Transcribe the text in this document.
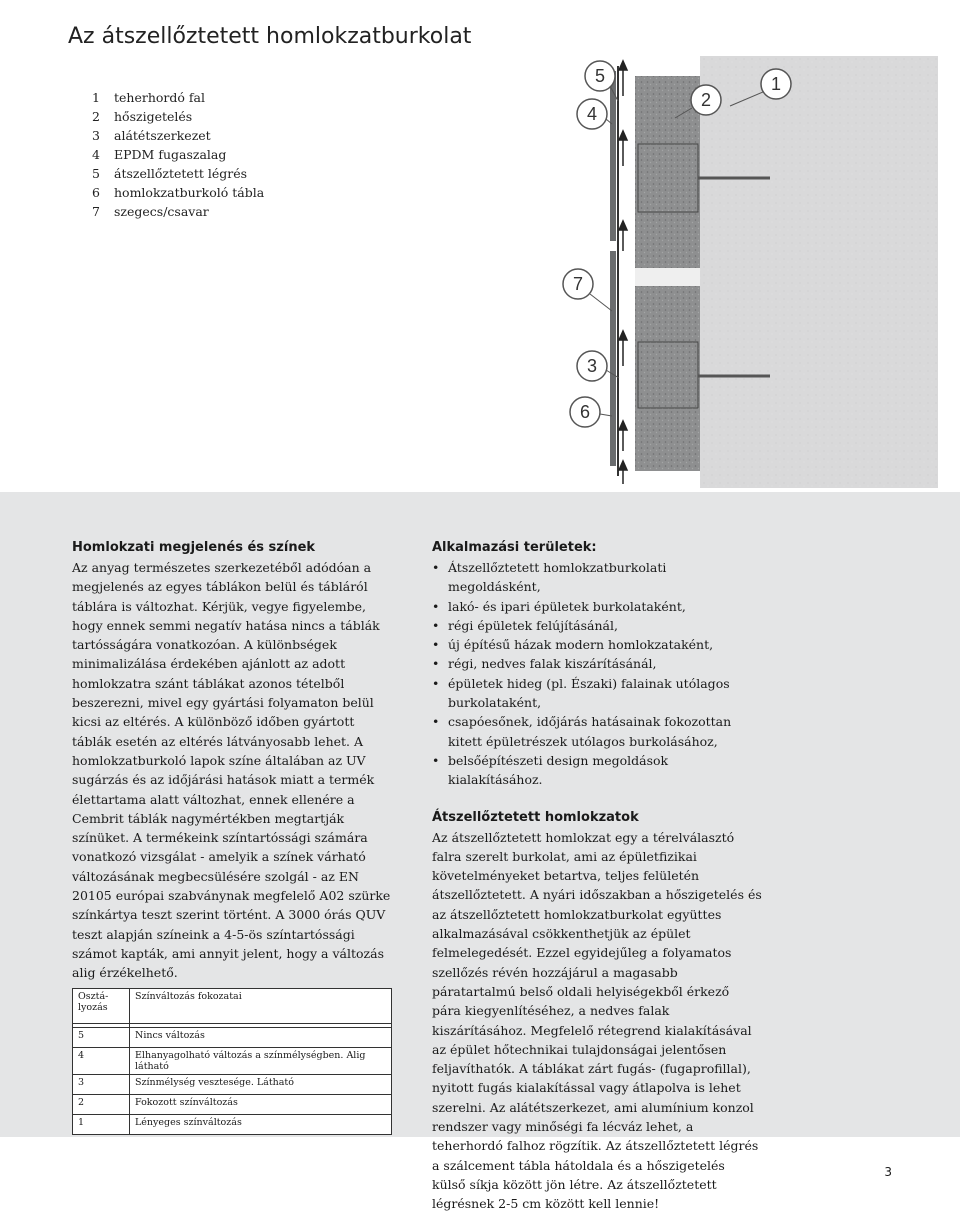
Az átszellőztetett homlokzatburkolat
1 teherhordó fal
2 hőszigetelés
3 alátétszerkezet
4 EPDM fugaszalag
5 átszellőztetett légrés
6 homlokzatburkoló tábla
7 szegecs/csavar
5
4
2
1
7
3
6
Homlokzati megjelenés és színek

Az anyag természetes szerkezetéből adódóan a megjelenés az egyes táblákon belül és tábláról táblára is változhat. Kérjük, vegye figyelembe, hogy ennek semmi negatív hatása nincs a táblák tartósságára vonatkozóan. A különbségek minimalizálása érdekében ajánlott az adott homlokzatra szánt táblákat azonos tételből beszerezni, mivel egy gyártási folyamaton belül kicsi az eltérés. A különböző időben gyártott táblák esetén az eltérés látványosabb lehet. A homlokzatburkoló lapok színe általában az UV sugárzás és az időjárási hatások miatt a termék élettartama alatt változhat, ennek ellenére a Cembrit táblák nagymértékben megtartják színüket. A termékeink színtartóssági számára vonatkozó vizsgálat - amelyik a színek várható változásának megbecsülésére szolgál - az EN 20105 európai szabványnak megfelelő A02 szürke színkártya teszt szerint történt. A 3000 órás QUV teszt alapján színeink a 4-5-ös színtartóssági számot kapták, ami annyit jelent, hogy a változás alig érzékelhető.

Osztá-lyozás	Színváltozás fokozatai

5	Nincs változás
4	Elhanyagolható változás a színmélységben. Alig látható
3	Színmélység vesztesége. Látható
2	Fokozott színváltozás
1	Lényeges színváltozás
Alkalmazási területek:
• Átszellőztetett homlokzatburkolati megoldásként,
• lakó- és ipari épületek burkolataként,
• régi épületek felújításánál,
• új építésű házak modern homlokzataként,
• régi, nedves falak kiszárításánál,
• épületek hideg (pl. Északi) falainak utólagos burkolataként,
• csapóesőnek, időjárás hatásainak fokozottan kitett épületrészek utólagos burkolásához,
• belsőépítészeti design megoldások kialakításához.
Átszellőztetett homlokzatok

Az átszellőztetett homlokzat egy a térelválasztó falra szerelt burkolat, ami az épületfizikai követelményeket betartva, teljes felületén átszellőztetett. A nyári időszakban a hőszigetelés és az átszellőztetett homlokzatburkolat együttes alkalmazásával csökkenthetjük az épület felmelegedését. Ezzel egyidejűleg a folyamatos szellőzés révén hozzájárul a magasabb páratartalmú belső oldali helyiségekből érkező pára kiegyenlítéséhez, a nedves falak kiszárításához. Megfelelő rétegrend kialakításával az épület hőtechnikai tulajdonságai jelentősen feljavíthatók. A táblákat zárt fugás- (fugaprofillal), nyitott fugás kialakítással vagy átlapolva is lehet szerelni. Az alátétszerkezet, ami alumínium konzol rendszer vagy minőségi fa lécváz lehet, a teherhordó falhoz rögzítik. Az átszellőztetett légrés a szálcement tábla hátoldala és a hőszigetelés külső síkja között jön létre. Az átszellőztetett légrésnek 2-5 cm között kell lennie!

3
